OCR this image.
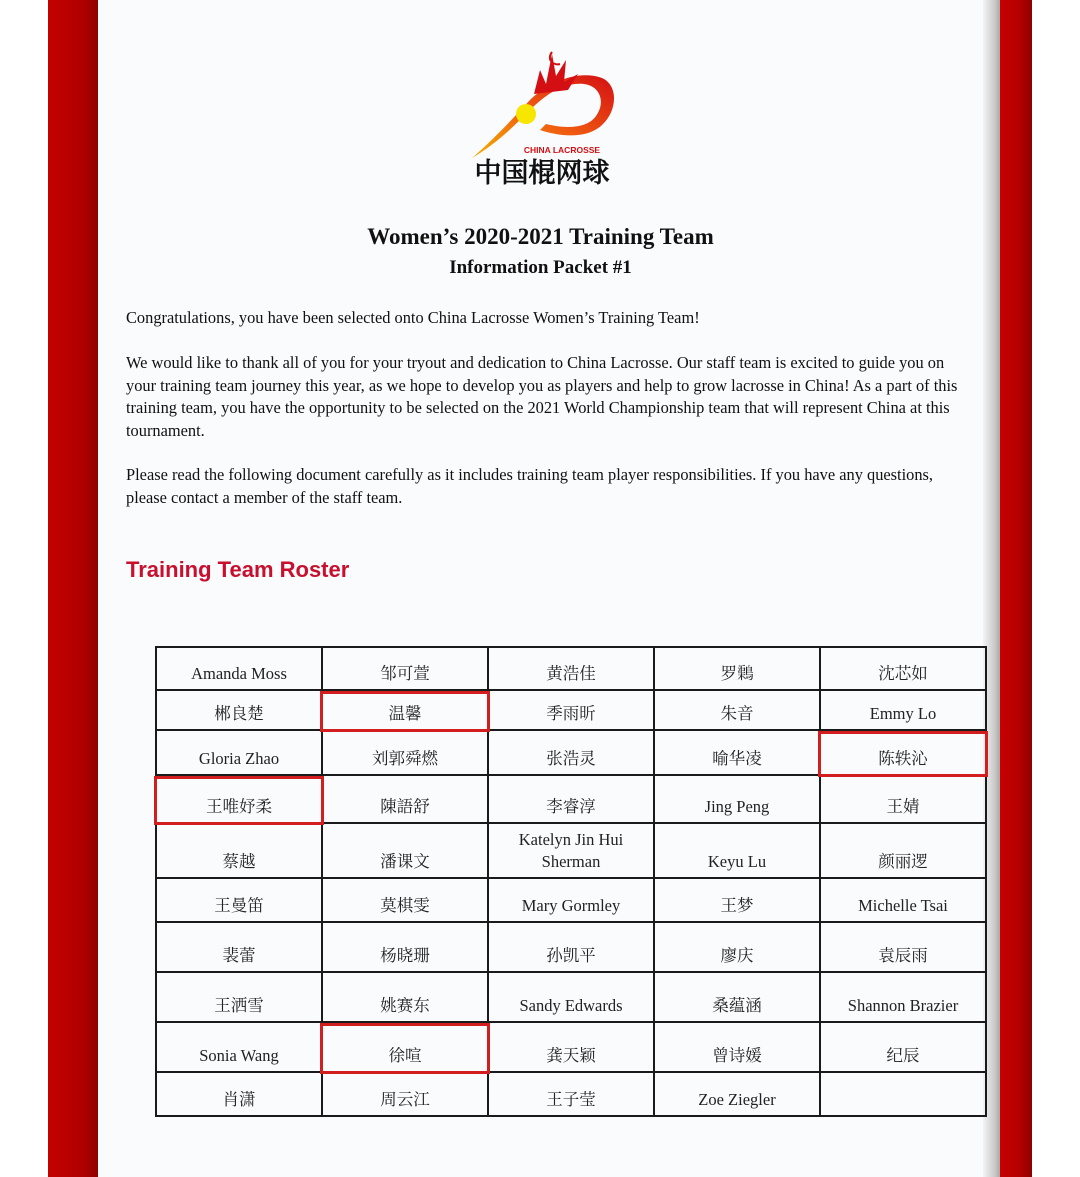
CHINA LACROSSE
中国棍网球
Women’s 2020-2021 Training Team
Information Packet #1
Congratulations, you have been selected onto China Lacrosse Women’s Training Team!
We would like to thank all of you for your tryout and dedication to China Lacrosse. Our staff team is excited to guide you on your training team journey this year, as we hope to develop you as players and help to grow lacrosse in China! As a part of this training team, you have the opportunity to be selected on the 2021 World Championship team that will represent China at this tournament.
Please read the following document carefully as it includes training team player responsibilities. If you have any questions, please contact a member of the staff team.
Training Team Roster
Amanda Moss	邹可萱	黄浩佳	罗𪆂	沈芯如
郴良楚	温馨	季雨昕	朱音	Emmy Lo
Gloria Zhao	刘郭舜燃	张浩灵	喻华凌	陈轶沁
王唯妤柔	陳語舒	李睿淳	Jing Peng	王婧
蔡越	潘课文	Katelyn Jin Hui Sherman	Keyu Lu	颜丽逻
王曼笛	莫棋雯	Mary Gormley	王梦	Michelle Tsai
裴蕾	杨晓珊	孙凯平	廖庆	袁辰雨
王洒雪	姚赛东	Sandy Edwards	桑蕴涵	Shannon Brazier
Sonia Wang	徐喧	龚天颖	曾诗媛	纪辰
肖潇	周云江	王子莹	Zoe Ziegler	
